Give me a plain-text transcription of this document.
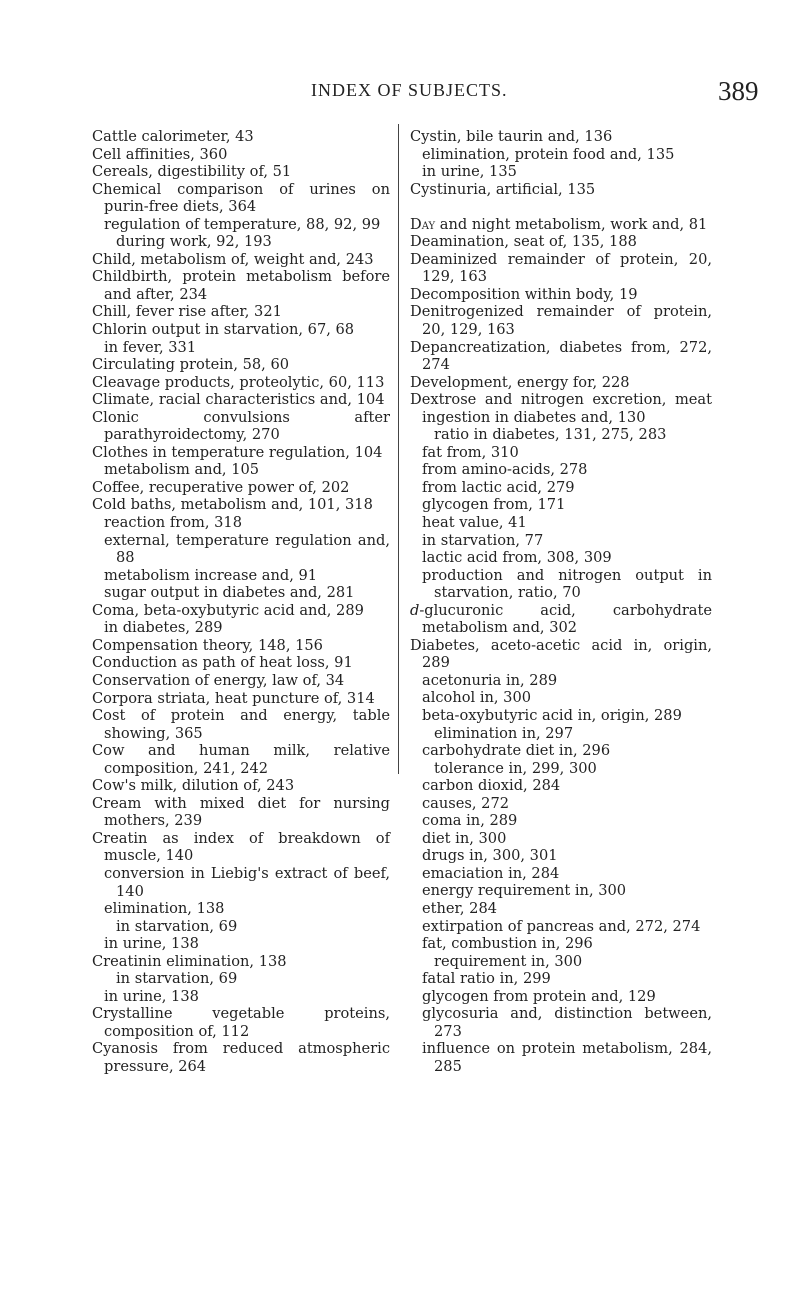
INDEX OF SUBJECTS.	389

Cattle calorimeter, 43

Cell affinities, 360

Cereals, digestibility of, 51

Chemical comparison of urines on purin-free diets, 364

regulation of temperature, 88, 92, 99

during work, 92, 193

Child, metabolism of, weight and, 243

Childbirth, protein metabolism before and after, 234

Chill, fever rise after, 321

Chlorin output in starvation, 67, 68

in fever, 331

Circulating protein, 58, 60

Cleavage products, proteolytic, 60, 113

Climate, racial characteristics and, 104

Clonic convulsions after parathyroidectomy, 270

Clothes in temperature regulation, 104

metabolism and, 105

Coffee, recuperative power of, 202

Cold baths, metabolism and, 101, 318

reaction from, 318

external, temperature regulation and, 88

metabolism increase and, 91

sugar output in diabetes and, 281

Coma, beta-oxybutyric acid and, 289

in diabetes, 289

Compensation theory, 148, 156

Conduction as path of heat loss, 91

Conservation of energy, law of, 34

Corpora striata, heat puncture of, 314

Cost of protein and energy, table showing, 365

Cow and human milk, relative composition, 241, 242

Cow's milk, dilution of, 243

Cream with mixed diet for nursing mothers, 239

Creatin as index of breakdown of muscle, 140

conversion in Liebig's extract of beef, 140

elimination, 138

in starvation, 69

in urine, 138

Creatinin elimination, 138

in starvation, 69

in urine, 138

Crystalline vegetable proteins, composition of, 112

Cyanosis from reduced atmospheric pressure, 264

Cystin, bile taurin and, 136

elimination, protein food and, 135

in urine, 135

Cystinuria, artificial, 135

Day and night metabolism, work and, 81

Deamination, seat of, 135, 188

Deaminized remainder of protein, 20, 129, 163

Decomposition within body, 19

Denitrogenized remainder of protein, 20, 129, 163

Depancreatization, diabetes from, 272, 274

Development, energy for, 228

Dextrose and nitrogen excretion, meat ingestion in diabetes and, 130

ratio in diabetes, 131, 275, 283

fat from, 310

from amino-acids, 278

from lactic acid, 279

glycogen from, 171

heat value, 41

in starvation, 77

lactic acid from, 308, 309

production and nitrogen output in starvation, ratio, 70

d-glucuronic acid, carbohydrate metabolism and, 302

Diabetes, aceto-acetic acid in, origin, 289

acetonuria in, 289

alcohol in, 300

beta-oxybutyric acid in, origin, 289

elimination in, 297

carbohydrate diet in, 296

tolerance in, 299, 300

carbon dioxid, 284

causes, 272

coma in, 289

diet in, 300

drugs in, 300, 301

emaciation in, 284

energy requirement in, 300

ether, 284

extirpation of pancreas and, 272, 274

fat, combustion in, 296

requirement in, 300

fatal ratio in, 299

glycogen from protein and, 129

glycosuria and, distinction between, 273

influence on protein metabolism, 284, 285
